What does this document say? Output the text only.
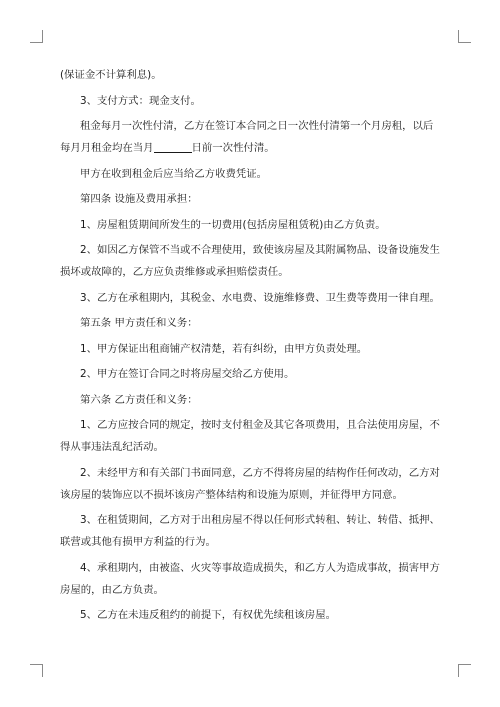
(保证金不计算利息)。

3、支付方式：现金支付。

租金每月一次性付清，乙方在签订本合同之日一次性付清第一个月房租，以后每月月租金均在当月	日前一次性付清。

甲方在收到租金后应当给乙方收费凭证。

第四条 设施及费用承担：

1、房屋租赁期间所发生的一切费用(包括房屋租赁税)由乙方负责。

2、如因乙方保管不当或不合理使用，致使该房屋及其附属物品、设备设施发生损坏或故障的，乙方应负责维修或承担赔偿责任。

3、乙方在承租期内，其税金、水电费、设施维修费、卫生费等费用一律自理。

第五条 甲方责任和义务：

1、甲方保证出租商铺产权清楚，若有纠纷，由甲方负责处理。

2、甲方在签订合同之时将房屋交给乙方使用。

第六条 乙方责任和义务：

1、乙方应按合同的规定，按时支付租金及其它各项费用，且合法使用房屋，不得从事违法乱纪活动。

2、未经甲方和有关部门书面同意，乙方不得将房屋的结构作任何改动，乙方对该房屋的装饰应以不损坏该房产整体结构和设施为原则，并征得甲方同意。

3、在租赁期间，乙方对于出租房屋不得以任何形式转租、转让、转借、抵押、联营或其他有损甲方利益的行为。

4、承租期内，由被盗、火灾等事故造成损失，和乙方人为造成事故，损害甲方房屋的，由乙方负责。

5、乙方在未违反租约的前提下，有权优先续租该房屋。
